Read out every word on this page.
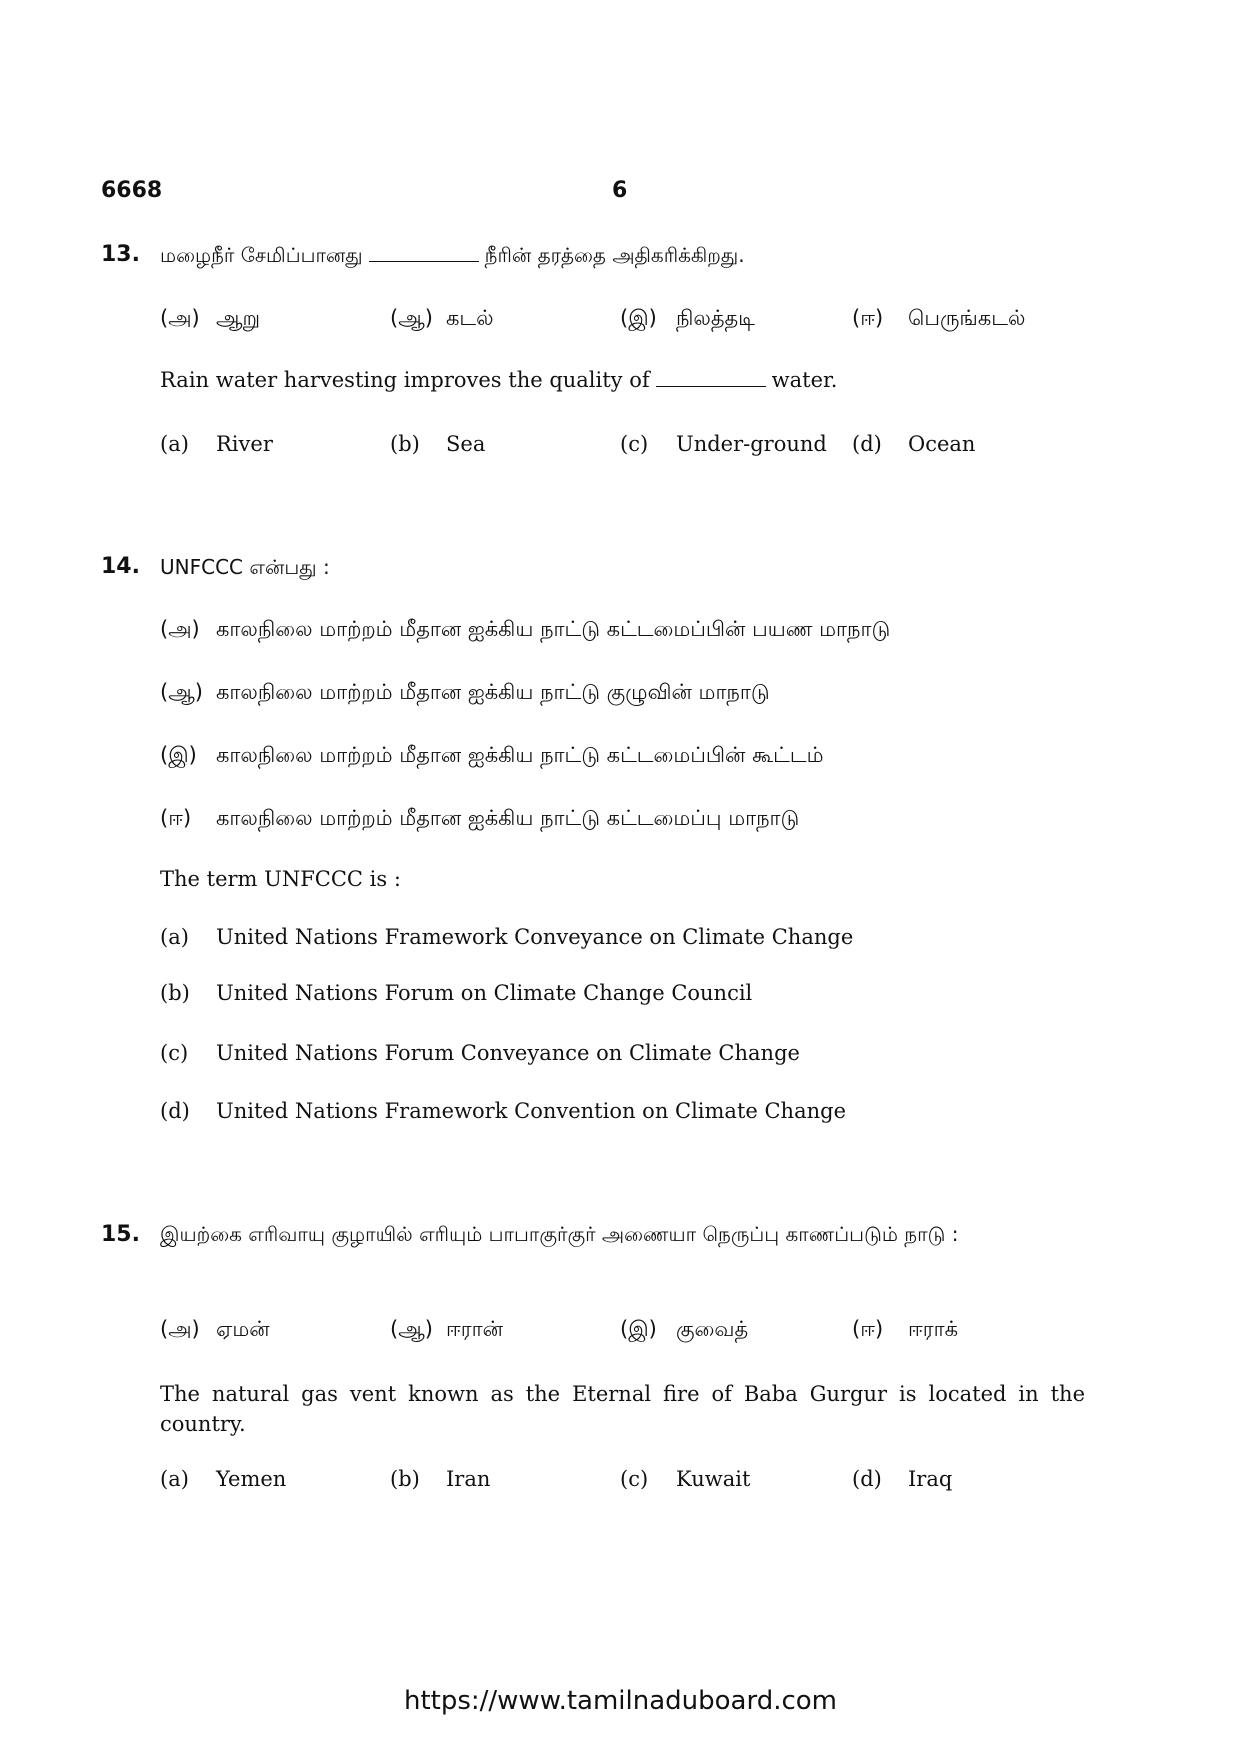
6668	6
13. மழைநீர் சேமிப்பானது	நீரின் தரத்தை அதிகரிக்கிறது.
(அ) ஆறு	(ஆ) கடல்	(இ) நிலத்தடி	(ஈ) பெருங்கடல்
Rain water harvesting improves the quality of	water.
(a) River	(b) Sea	(c) Under-ground (d) Ocean
14. UNFCCC என்பது :
(அ) காலநிலை மாற்றம் மீதான ஐக்கிய நாட்டு கட்டமைப்பின் பயண மாநாடு
(ஆ) காலநிலை மாற்றம் மீதான ஐக்கிய நாட்டு குழுவின் மாநாடு
(இ) காலநிலை மாற்றம் மீதான ஐக்கிய நாட்டு கட்டமைப்பின் கூட்டம்
(ஈ) காலநிலை மாற்றம் மீதான ஐக்கிய நாட்டு கட்டமைப்பு மாநாடு
The term UNFCCC is :
(a) United Nations Framework Conveyance on Climate Change
(b) United Nations Forum on Climate Change Council
(c) United Nations Forum Conveyance on Climate Change
(d) United Nations Framework Convention on Climate Change
15. இயற்கை எரிவாயு குழாயில் எரியும் பாபாகுர்குர் அணையா நெருப்பு காணப்படும் நாடு :
(அ) ஏமன்	(ஆ) ஈரான்	(இ) குவைத்	(ஈ) ஈராக்
The natural gas vent known as the Eternal fire of Baba Gurgur is located in the country.
(a) Yemen	(b) Iran	(c) Kuwait	(d) Iraq
https://www.tamilnaduboard.com
